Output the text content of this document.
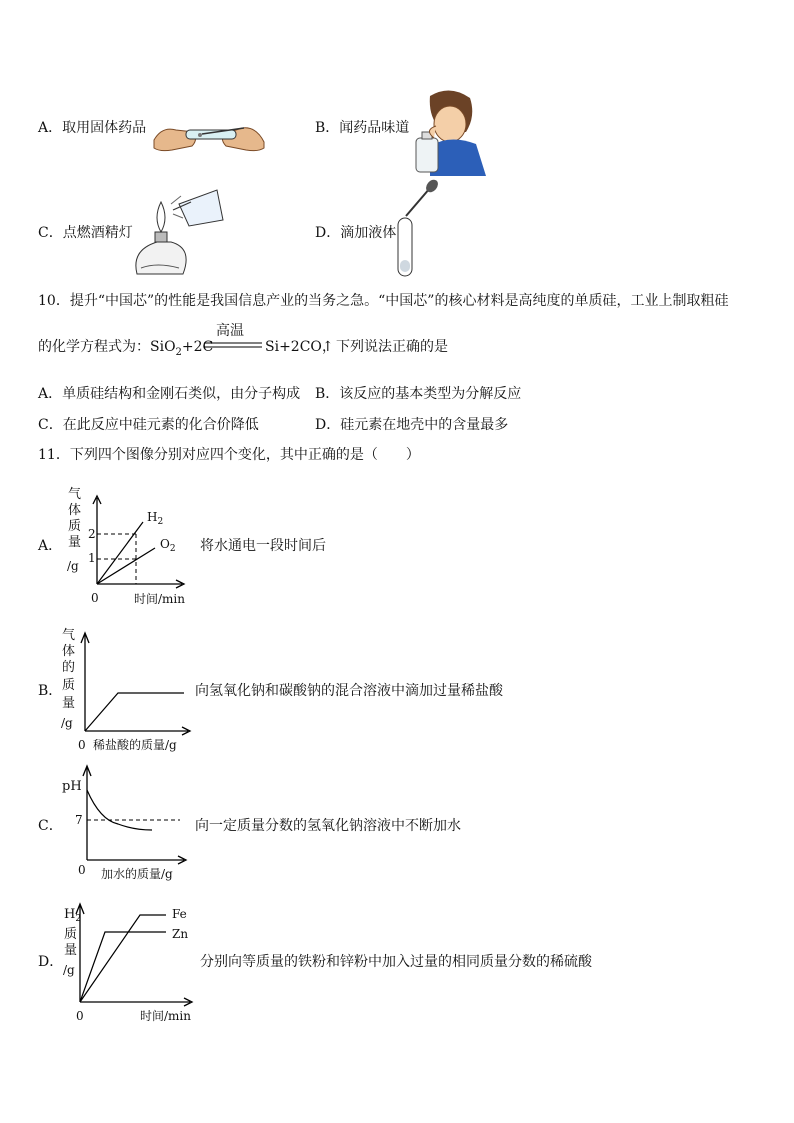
A．取用固体药品	B．闻药品味道
C．点燃酒精灯	D．滴加液体
10．提升“中国芯”的性能是我国信息产业的当务之急。“中国芯”的核心材料是高纯度的单质硅，工业上制取粗硅
的化学方程式为：SiO$_2$+2C
高温
Si+2CO↑
，下列说法正确的是
A．单质硅结构和金刚石类似，由分子构成 B．该反应的基本类型为分解反应
C．在此反应中硅元素的化合价降低	D．硅元素在地壳中的含量最多
11．下列四个图像分别对应四个变化，其中正确的是（　　）
A．
气
体
质
量
/g
2
1
0	时间/min
$H_2$
$O_2$ 将水通电一段时间后
B．
气
体
的
质
量
/g
0 稀盐酸的质量/g
向氢氧化钠和碳酸钠的混合溶液中滴加过量稀盐酸
C．
pH
7
0 加水的质量/g
向一定质量分数的氢氧化钠溶液中不断加水
D．
$H_2$
质
量
/g
Fe
Zn
0	时间/min
分别向等质量的铁粉和锌粉中加入过量的相同质量分数的稀硫酸
